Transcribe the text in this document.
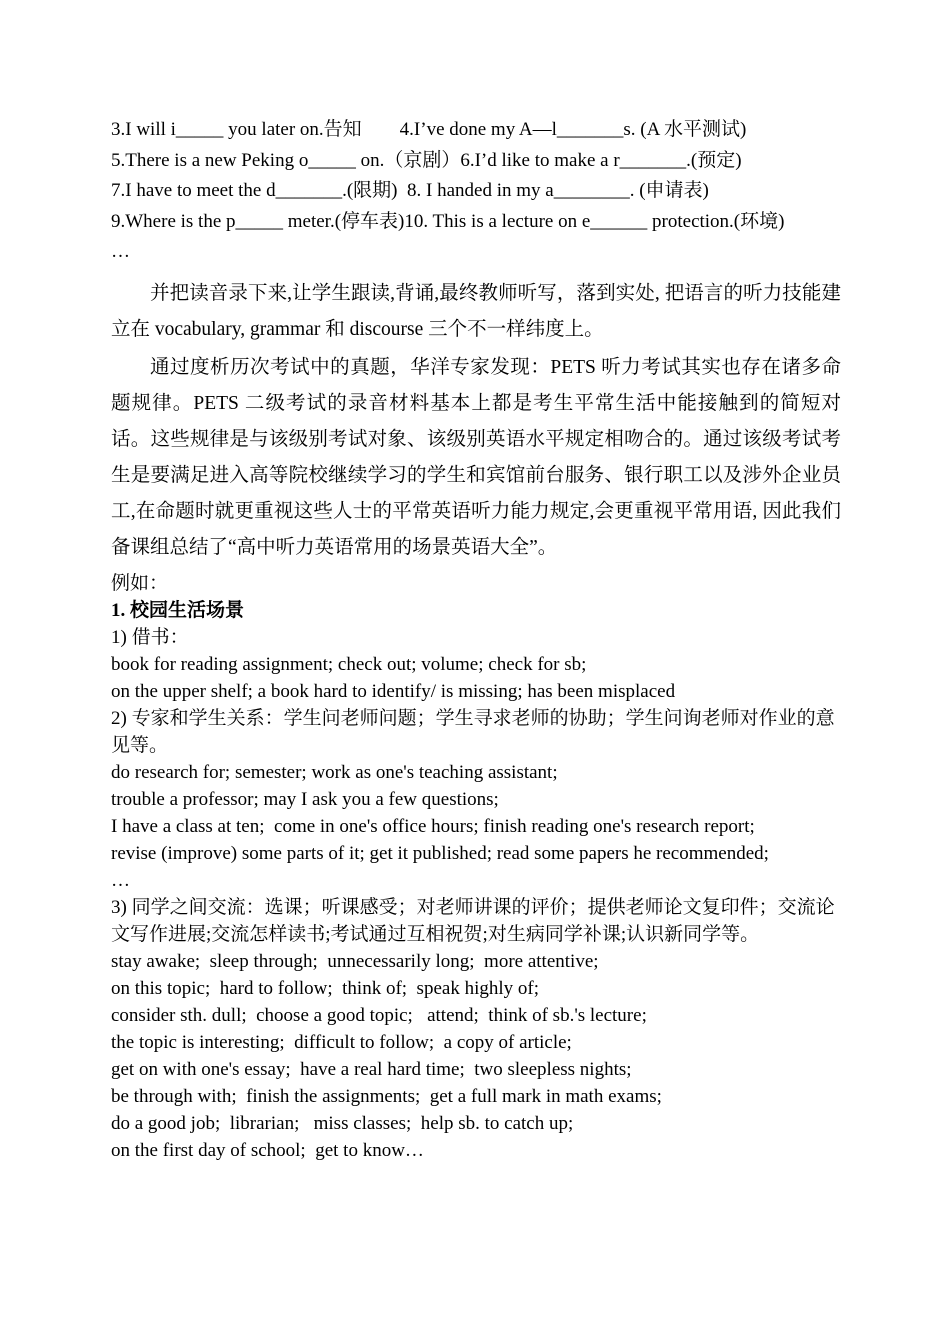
3.I will i_____ you later on.告知        4.I’ve done my A—l_______s. (A 水平测试)
5.There is a new Peking o_____ on.（京剧）6.I’d like to make a r_______.(预定)
7.I have to meet the d_______.(限期)  8. I handed in my a________. (申请表)
9.Where is the p_____ meter.(停车表)10. This is a lecture on e______ protection.(环境)
…

并把读音录下来,让学生跟读,背诵,最终教师听写，落到实处, 把语言的听力技能建立在 vocabulary, grammar 和 discourse 三个不一样纬度上。

通过度析历次考试中的真题，华洋专家发现：PETS 听力考试其实也存在诸多命题规律。PETS 二级考试的录音材料基本上都是考生平常生活中能接触到的简短对话。这些规律是与该级别考试对象、该级别英语水平规定相吻合的。通过该级考试考生是要满足进入高等院校继续学习的学生和宾馆前台服务、银行职工以及涉外企业员工,在命题时就更重视这些人士的平常英语听力能力规定,会更重视平常用语, 因此我们备课组总结了“高中听力英语常用的场景英语大全”。

例如：
1. 校园生活场景
1) 借书：
book for reading assignment; check out; volume; check for sb;
on the upper shelf; a book hard to identify/ is missing; has been misplaced
2) 专家和学生关系：学生问老师问题；学生寻求老师的协助；学生问询老师对作业的意见等。
do research for; semester; work as one's teaching assistant;
trouble a professor; may I ask you a few questions;
I have a class at ten;  come in one's office hours; finish reading one's research report;
revise (improve) some parts of it; get it published; read some papers he recommended;
…
3) 同学之间交流：选课；听课感受；对老师讲课的评价；提供老师论文复印件；交流论文写作进展;交流怎样读书;考试通过互相祝贺;对生病同学补课;认识新同学等。
stay awake;  sleep through;  unnecessarily long;  more attentive;
on this topic;  hard to follow;  think of;  speak highly of;
consider sth. dull;  choose a good topic;   attend;  think of sb.'s lecture;
the topic is interesting;  difficult to follow;  a copy of article;
get on with one's essay;  have a real hard time;  two sleepless nights;
be through with;  finish the assignments;  get a full mark in math exams;
do a good job;  librarian;   miss classes;  help sb. to catch up;
on the first day of school;  get to know…
